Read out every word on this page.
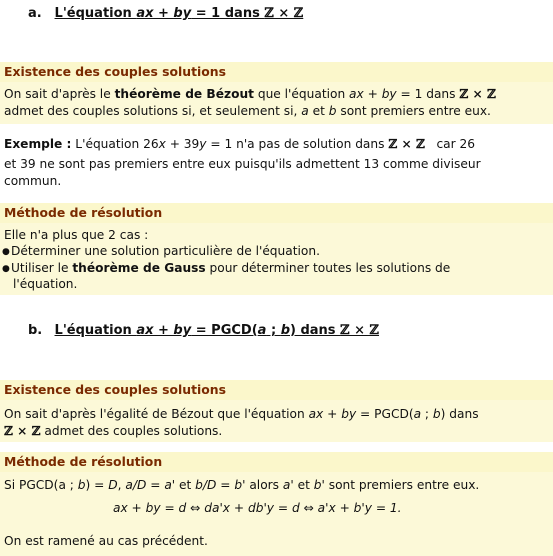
a. L'équation ax + by = 1 dans ℤ × ℤ
Existence des couples solutions
On sait d'après le théorème de Bézout que l'équation ax + by = 1 dans ℤ × ℤ
admet des couples solutions si, et seulement si, a et b sont premiers entre eux.
Exemple : L'équation 26x + 39y = 1 n'a pas de solution dans ℤ × ℤ car 26
et 39 ne sont pas premiers entre eux puisqu'ils admettent 13 comme diviseur
commun.
Méthode de résolution
Elle n'a plus que 2 cas :
●Déterminer une solution particulière de l'équation.
●Utiliser le théorème de Gauss pour déterminer toutes les solutions de
l'équation.
b. L'équation ax + by = PGCD(a ; b) dans ℤ × ℤ
Existence des couples solutions
On sait d'après l'égalité de Bézout que l'équation ax + by = PGCD(a ; b) dans
ℤ × ℤ admet des couples solutions.
Méthode de résolution
Si PGCD(a ; b) = D, a/D = a' et b/D = b' alors a' et b' sont premiers entre eux.
ax + by = d ⇔ da'x + db'y = d ⇔ a'x + b'y = 1.
On est ramené au cas précédent.
